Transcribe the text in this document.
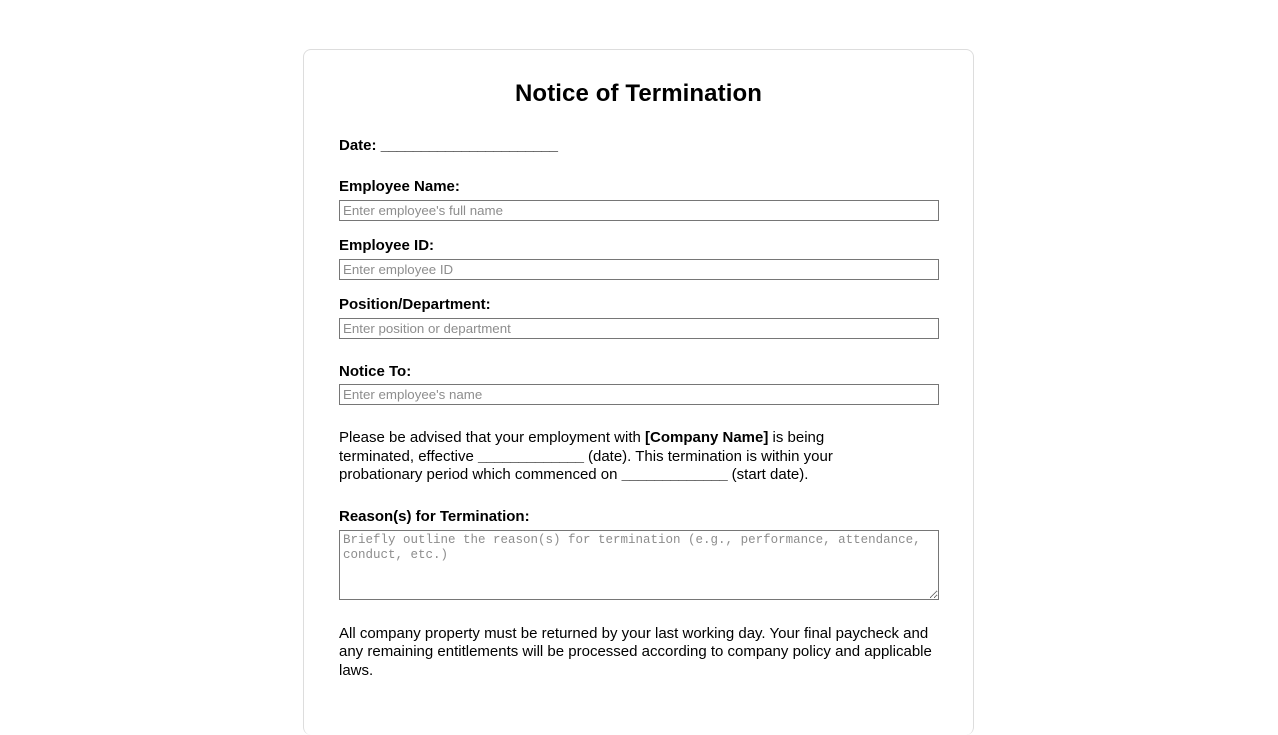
Notice of Termination
Date: ______________________
Employee Name:
Enter employee's full name
Employee ID:
Enter employee ID
Position/Department:
Enter position or department
Notice To:
Enter employee's name

Please be advised that your employment with [Company Name] is being terminated, effective _____________ (date). This termination is within your probationary period which commenced on _____________ (start date).

Reason(s) for Termination:
Briefly outline the reason(s) for termination (e.g., performance, attendance, conduct, etc.)

All company property must be returned by your last working day. Your final paycheck and any remaining entitlements will be processed according to company policy and applicable laws.
